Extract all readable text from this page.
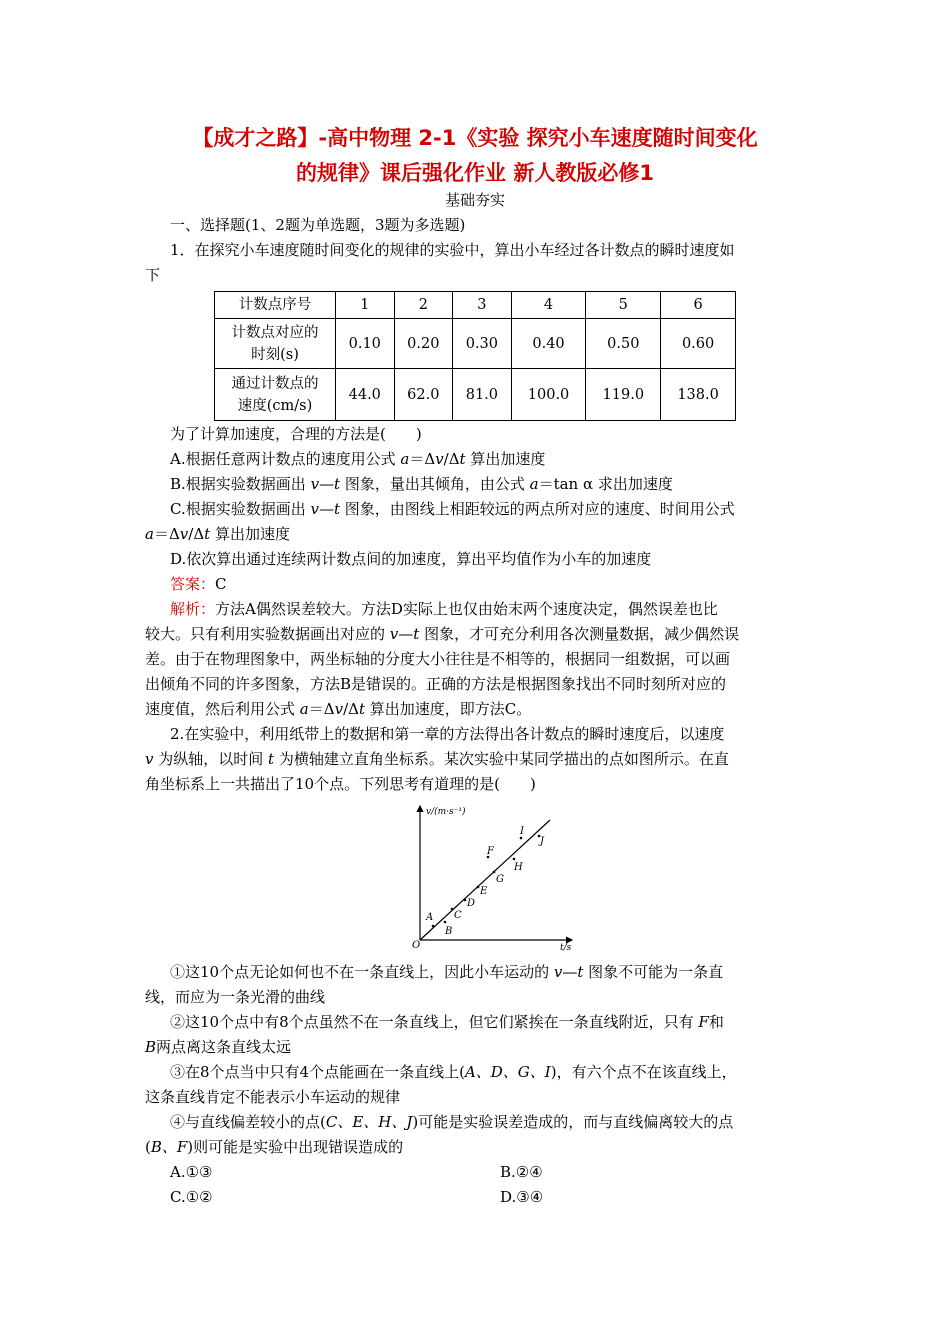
【成才之路】-高中物理 2-1《实验 探究小车速度随时间变化
的规律》课后强化作业 新人教版必修1
基础夯实
一、选择题(1、2题为单选题，3题为多选题)
1．在探究小车速度随时间变化的规律的实验中，算出小车经过各计数点的瞬时速度如
下
计数点序号	1	2	3	4	5	6

计数点对应的
时刻(s)	0.10	0.20	0.30	0.40	0.50	0.60

通过计数点的
速度(cm/s)	44.0	62.0	81.0	100.0	119.0	138.0
为了计算加速度，合理的方法是(　　)
A.根据任意两计数点的速度用公式 a＝Δv/Δt 算出加速度
B.根据实验数据画出 v—t 图象，量出其倾角，由公式 a＝tan α 求出加速度
C.根据实验数据画出 v—t 图象，由图线上相距较远的两点所对应的速度、时间用公式
a＝Δv/Δt 算出加速度
D.依次算出通过连续两计数点间的加速度，算出平均值作为小车的加速度
答案：C
解析：方法A偶然误差较大。方法D实际上也仅由始末两个速度决定，偶然误差也比
较大。只有利用实验数据画出对应的 v—t 图象，才可充分利用各次测量数据，减少偶然误
差。由于在物理图象中，两坐标轴的分度大小往往是不相等的，根据同一组数据，可以画
出倾角不同的许多图象，方法B是错误的。正确的方法是根据图象找出不同时刻所对应的
速度值，然后利用公式 a＝Δv/Δt 算出加速度，即方法C。
2.在实验中，利用纸带上的数据和第一章的方法得出各计数点的瞬时速度后，以速度
v 为纵轴，以时间 t 为横轴建立直角坐标系。某次实验中某同学描出的点如图所示。在直
角坐标系上一共描出了10个点。下列思考有道理的是(　　)
v/(m·s⁻¹)
t/s
O
A
B
C
D
E
F
G
H
I
J
①这10个点无论如何也不在一条直线上，因此小车运动的 v—t 图象不可能为一条直
线，而应为一条光滑的曲线
②这10个点中有8个点虽然不在一条直线上，但它们紧挨在一条直线附近，只有 F和
B两点离这条直线太远
③在8个点当中只有4个点能画在一条直线上(A、D、G、I)，有六个点不在该直线上，
这条直线肯定不能表示小车运动的规律
④与直线偏差较小的点(C、E、H、J)可能是实验误差造成的，而与直线偏离较大的点
(B、F)则可能是实验中出现错误造成的
A.①③	B.②④
C.①②	D.③④
